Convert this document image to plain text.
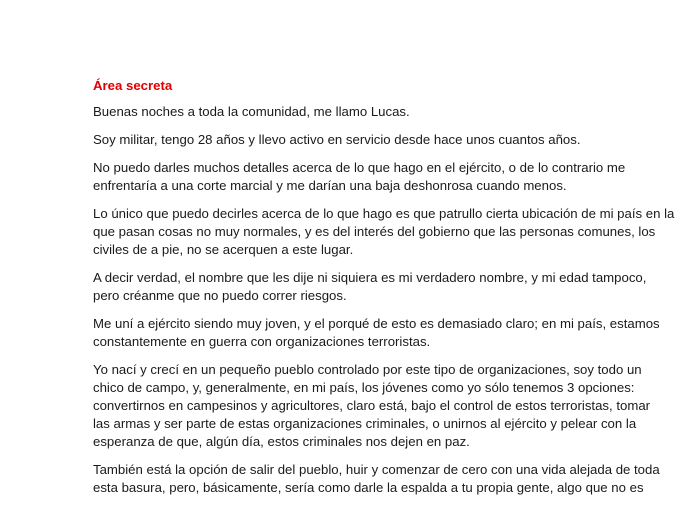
Área secreta
Buenas noches a toda la comunidad, me llamo Lucas.
Soy militar, tengo 28 años y llevo activo en servicio desde hace unos cuantos años.
No puedo darles muchos detalles acerca de lo que hago en el ejército, o de lo contrario me
enfrentaría a una corte marcial y me darían una baja deshonrosa cuando menos.
Lo único que puedo decirles acerca de lo que hago es que patrullo cierta ubicación de mi país en la
que pasan cosas no muy normales, y es del interés del gobierno que las personas comunes, los
civiles de a pie, no se acerquen a este lugar.
A decir verdad, el nombre que les dije ni siquiera es mi verdadero nombre, y mi edad tampoco,
pero créanme que no puedo correr riesgos.
Me uní a ejército siendo muy joven, y el porqué de esto es demasiado claro; en mi país, estamos
constantemente en guerra con organizaciones terroristas.
Yo nací y crecí en un pequeño pueblo controlado por este tipo de organizaciones, soy todo un
chico de campo, y, generalmente, en mi país, los jóvenes como yo sólo tenemos 3 opciones:
convertirnos en campesinos y agricultores, claro está, bajo el control de estos terroristas, tomar
las armas y ser parte de estas organizaciones criminales, o unirnos al ejército y pelear con la
esperanza de que, algún día, estos criminales nos dejen en paz.
También está la opción de salir del pueblo, huir y comenzar de cero con una vida alejada de toda
esta basura, pero, básicamente, sería como darle la espalda a tu propia gente, algo que no es
